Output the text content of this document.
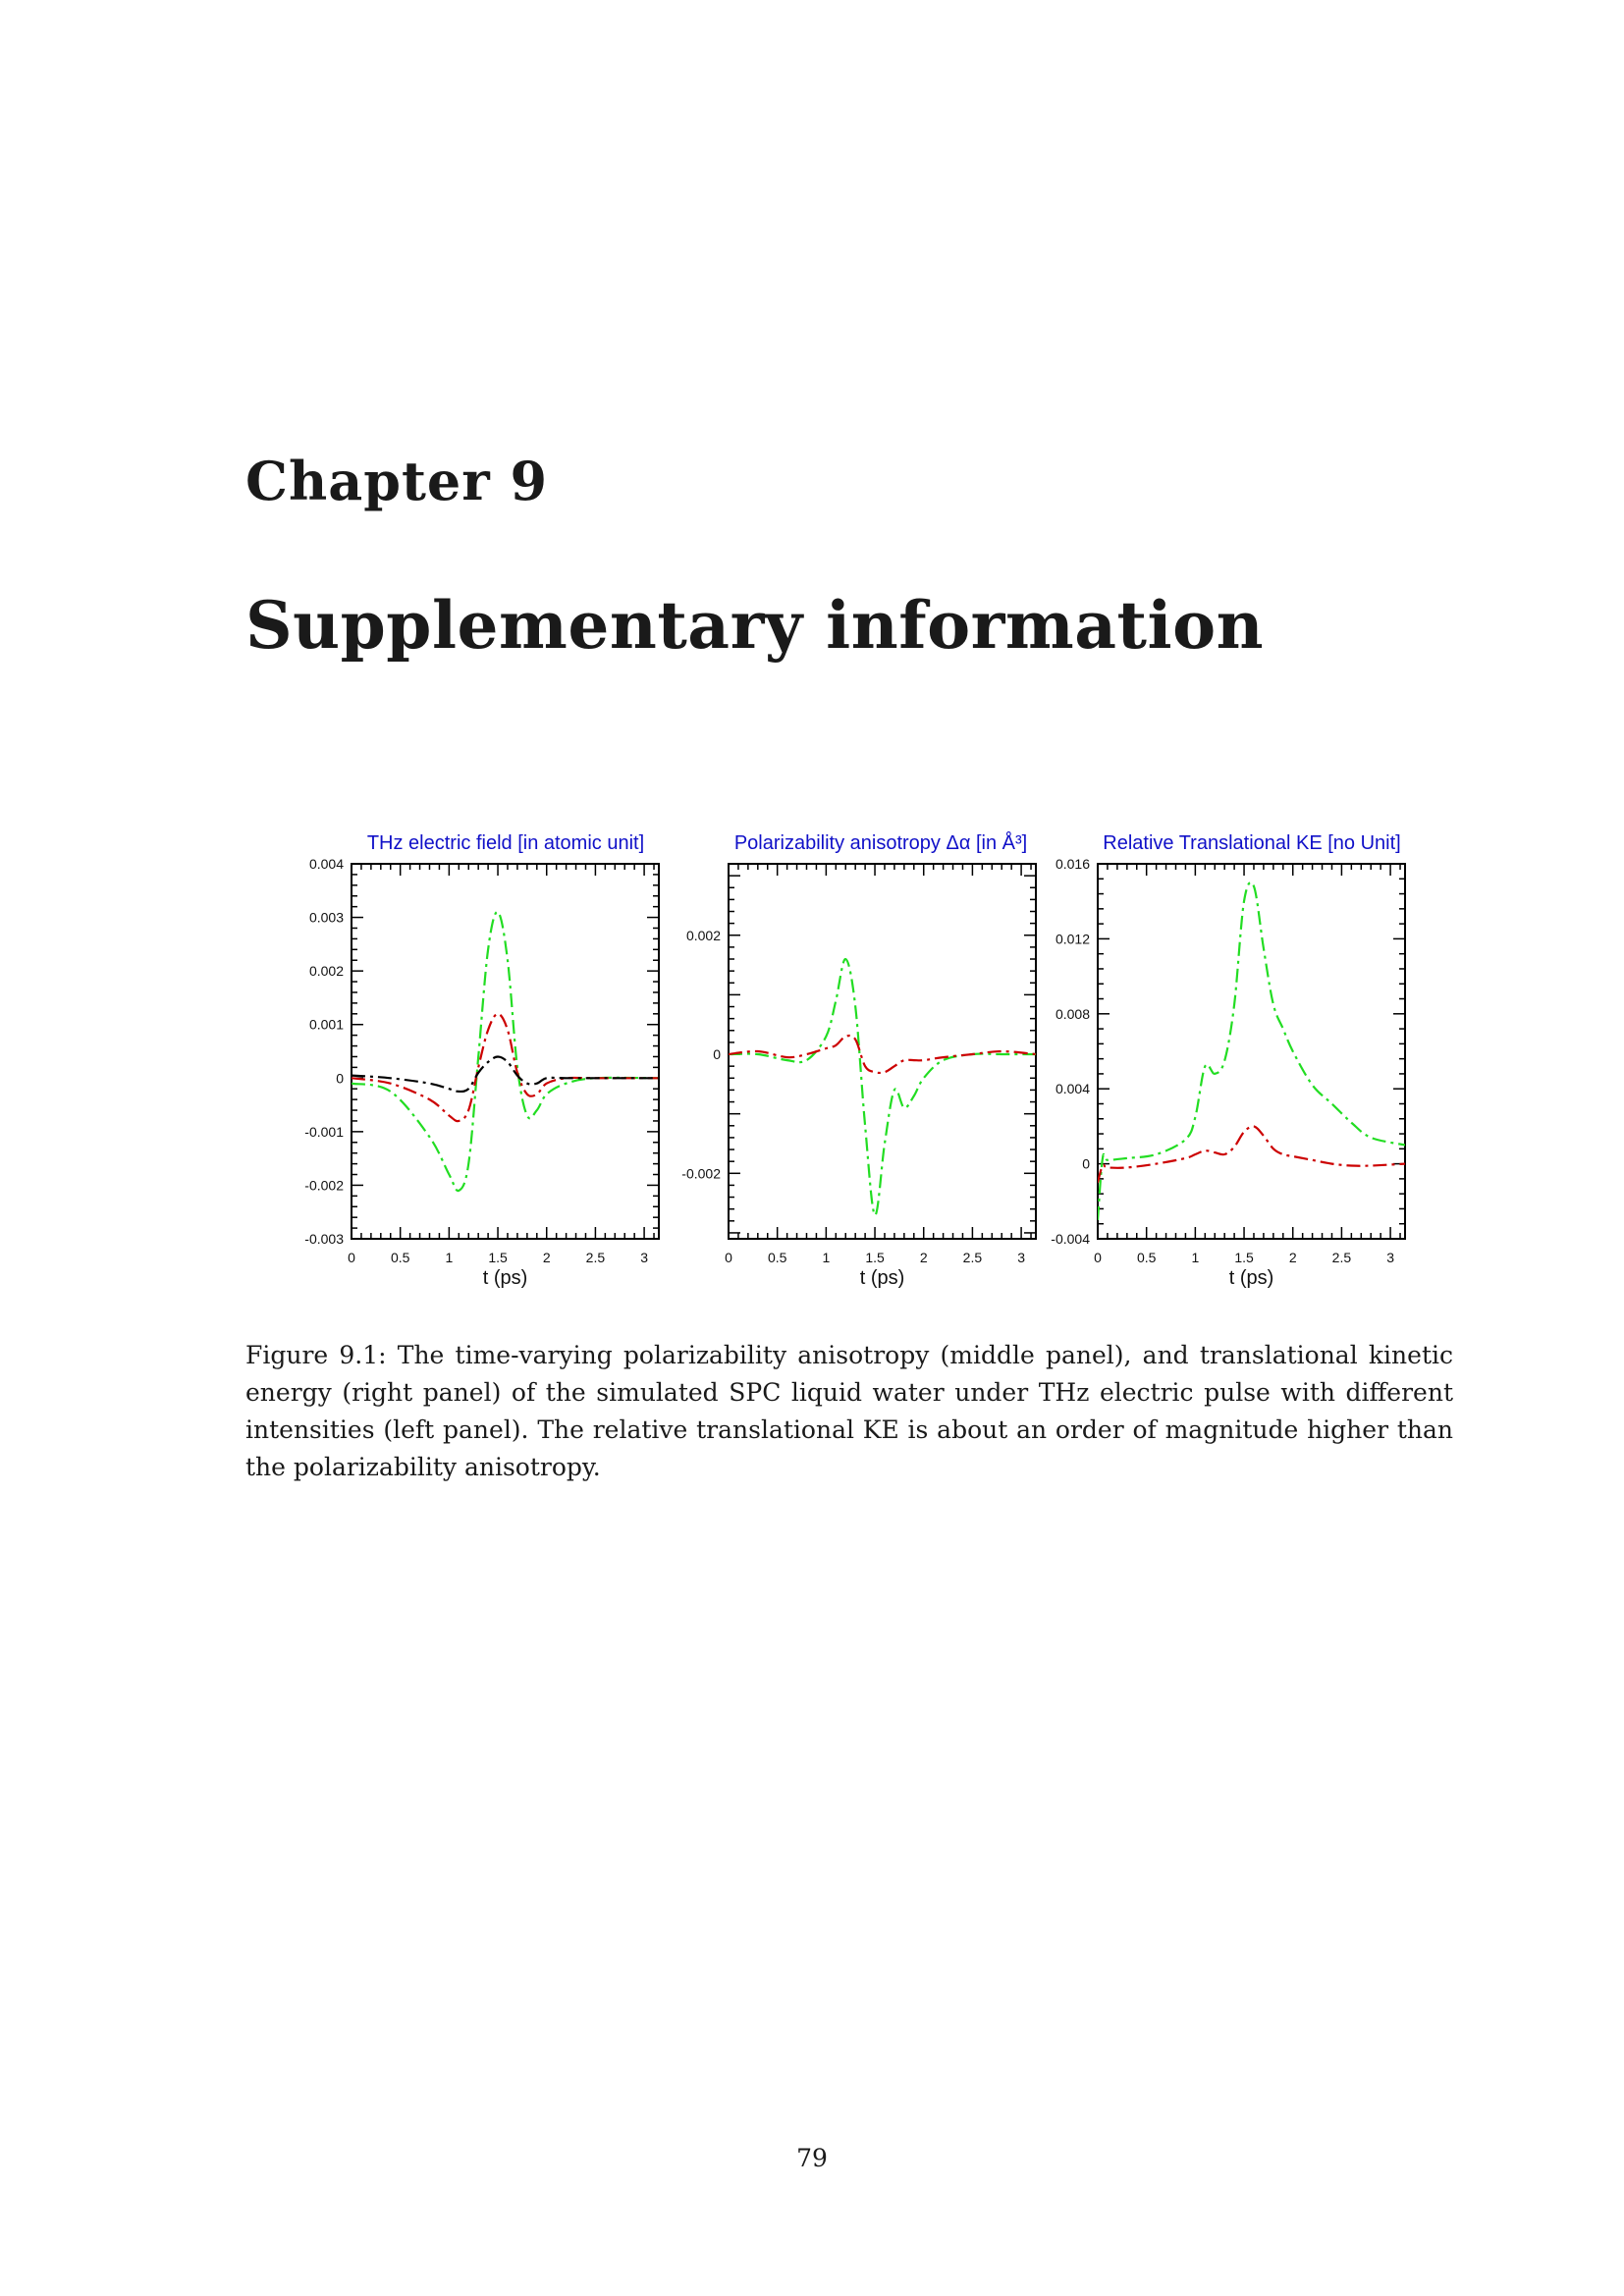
Chapter 9
Supplementary information
THz electric field [in atomic unit]
0	0.5	1	1.5	2	2.5	3
0.004
0.003
0.002
0.001
0
-0.001
-0.002
-0.003
t (ps)
Polarizability anisotropy Δα [in Å³]
0	0.5	1	1.5	2	2.5	3
0.002
0
-0.002
t (ps)
Relative Translational KE [no Unit]
0	0.5	1	1.5	2	2.5	3
0.016
0.012
0.008
0.004
0
-0.004
t (ps)
Figure 9.1: The time-varying polarizability anisotropy (middle panel), and translational kinetic energy (right panel) of the simulated SPC liquid water under THz electric pulse with different intensities (left panel). The relative translational KE is about an order of magnitude higher than the polarizability anisotropy.
79
